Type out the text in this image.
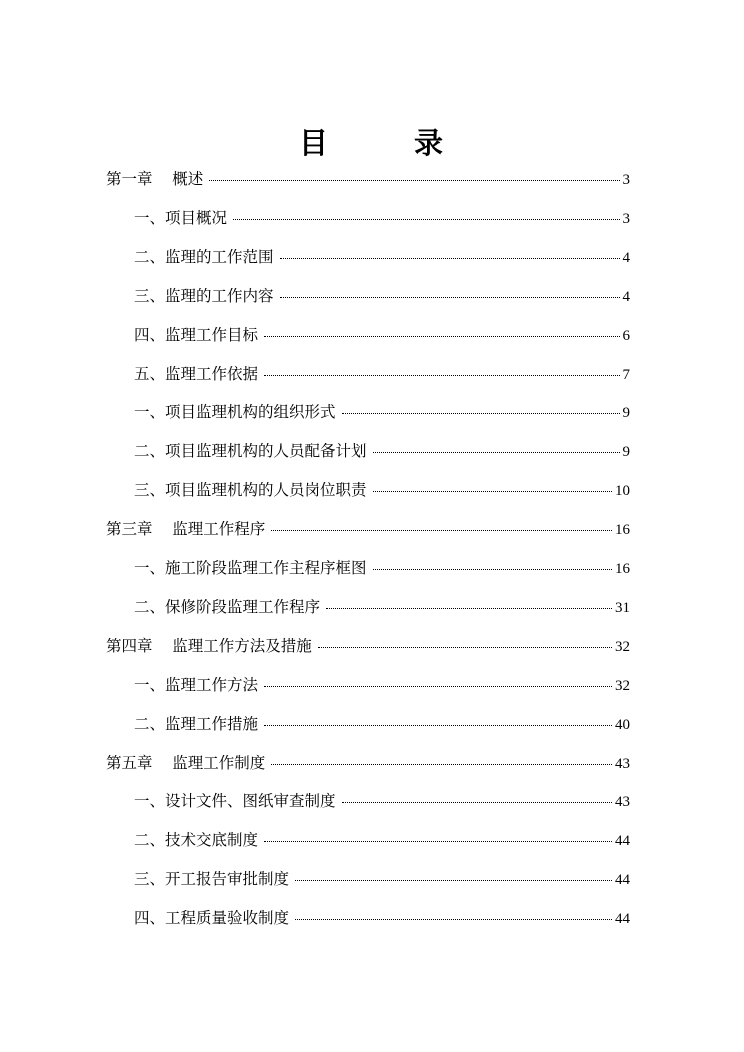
目 录
第一章    概述	3
一、项目概况	3
二、监理的工作范围	4
三、监理的工作内容	4
四、监理工作目标	6
五、监理工作依据	7
一、项目监理机构的组织形式	9
二、项目监理机构的人员配备计划	9
三、项目监理机构的人员岗位职责	10
第三章    监理工作程序	16
一、施工阶段监理工作主程序框图	16
二、保修阶段监理工作程序	31
第四章    监理工作方法及措施	32
一、监理工作方法	32
二、监理工作措施	40
第五章    监理工作制度	43
一、设计文件、图纸审查制度	43
二、技术交底制度	44
三、开工报告审批制度	44
四、工程质量验收制度	44
